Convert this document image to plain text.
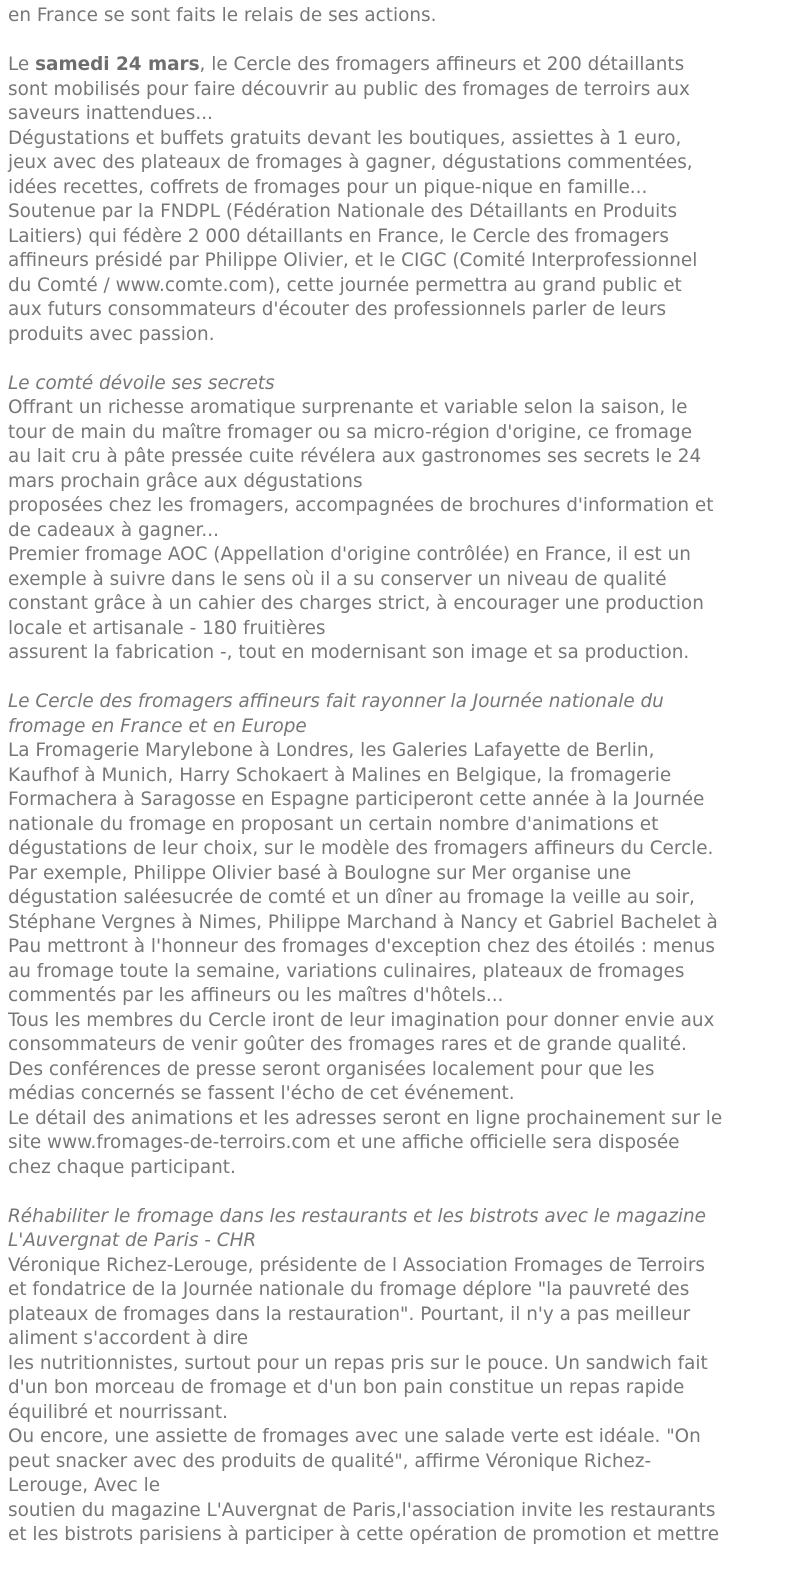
en France se sont faits le relais de ses actions.
Le samedi 24 mars, le Cercle des fromagers affineurs et 200 détaillants
sont mobilisés pour faire découvrir au public des fromages de terroirs aux
saveurs inattendues...
Dégustations et buffets gratuits devant les boutiques, assiettes à 1 euro,
jeux avec des plateaux de fromages à gagner, dégustations commentées,
idées recettes, coffrets de fromages pour un pique-nique en famille...
Soutenue par la FNDPL (Fédération Nationale des Détaillants en Produits
Laitiers) qui fédère 2 000 détaillants en France, le Cercle des fromagers
affineurs présidé par Philippe Olivier, et le CIGC (Comité Interprofessionnel
du Comté / www.comte.com), cette journée permettra au grand public et
aux futurs consommateurs d'écouter des professionnels parler de leurs
produits avec passion.
Le comté dévoile ses secrets
Offrant un richesse aromatique surprenante et variable selon la saison, le
tour de main du maître fromager ou sa micro-région d'origine, ce fromage
au lait cru à pâte pressée cuite révélera aux gastronomes ses secrets le 24
mars prochain grâce aux dégustations
proposées chez les fromagers, accompagnées de brochures d'information et
de cadeaux à gagner...
Premier fromage AOC (Appellation d'origine contrôlée) en France, il est un
exemple à suivre dans le sens où il a su conserver un niveau de qualité
constant grâce à un cahier des charges strict, à encourager une production
locale et artisanale - 180 fruitières
assurent la fabrication -, tout en modernisant son image et sa production.
Le Cercle des fromagers affineurs fait rayonner la Journée nationale du
fromage en France et en Europe
La Fromagerie Marylebone à Londres, les Galeries Lafayette de Berlin,
Kaufhof à Munich, Harry Schokaert à Malines en Belgique, la fromagerie
Formachera à Saragosse en Espagne participeront cette année à la Journée
nationale du fromage en proposant un certain nombre d'animations et
dégustations de leur choix, sur le modèle des fromagers affineurs du Cercle.
Par exemple, Philippe Olivier basé à Boulogne sur Mer organise une
dégustation saléesucrée de comté et un dîner au fromage la veille au soir,
Stéphane Vergnes à Nimes, Philippe Marchand à Nancy et Gabriel Bachelet à
Pau mettront à l'honneur des fromages d'exception chez des étoilés : menus
au fromage toute la semaine, variations culinaires, plateaux de fromages
commentés par les affineurs ou les maîtres d'hôtels...
Tous les membres du Cercle iront de leur imagination pour donner envie aux
consommateurs de venir goûter des fromages rares et de grande qualité.
Des conférences de presse seront organisées localement pour que les
médias concernés se fassent l'écho de cet événement.
Le détail des animations et les adresses seront en ligne prochainement sur le
site www.fromages-de-terroirs.com et une affiche officielle sera disposée
chez chaque participant.
Réhabiliter le fromage dans les restaurants et les bistrots avec le magazine
L'Auvergnat de Paris - CHR
Véronique Richez-Lerouge, présidente de l Association Fromages de Terroirs
et fondatrice de la Journée nationale du fromage déplore "la pauvreté des
plateaux de fromages dans la restauration". Pourtant, il n'y a pas meilleur
aliment s'accordent à dire
les nutritionnistes, surtout pour un repas pris sur le pouce. Un sandwich fait
d'un bon morceau de fromage et d'un bon pain constitue un repas rapide
équilibré et nourrissant.
Ou encore, une assiette de fromages avec une salade verte est idéale. "On
peut snacker avec des produits de qualité", affirme Véronique Richez-
Lerouge, Avec le
soutien du magazine L'Auvergnat de Paris,l'association invite les restaurants
et les bistrots parisiens à participer à cette opération de promotion et mettre
